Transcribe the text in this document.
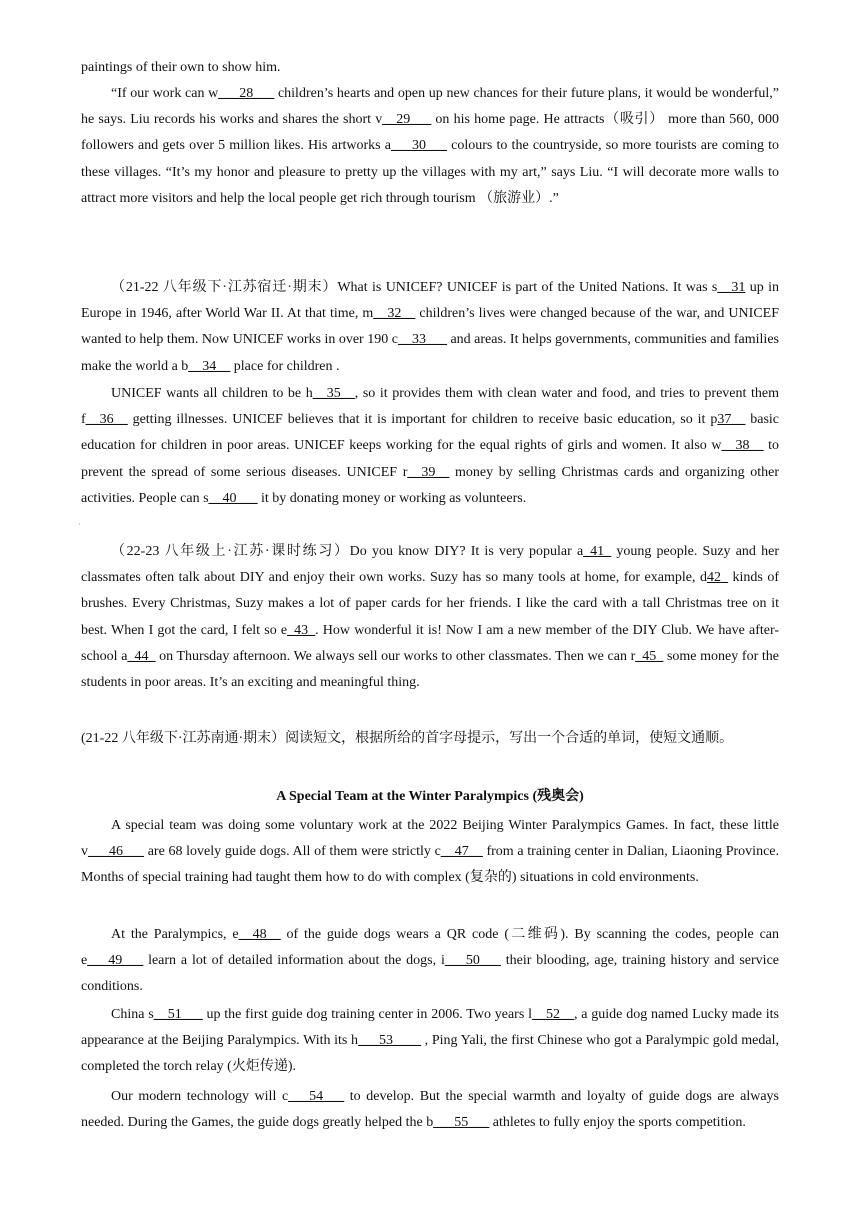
paintings of their own to show him.
“If our work can w___28___ children’s hearts and open up new chances for their future plans, it would be wonderful,” he says. Liu records his works and shares the short v__29___ on his home page. He attracts（吸引） more than 560, 000 followers and gets over 5 million likes. His artworks a___30___ colours to the countryside, so more tourists are coming to these villages. “It’s my honor and pleasure to pretty up the villages with my art,” says Liu. “I will decorate more walls to attract more visitors and help the local people get rich through tourism （旅游业）.”
（21-22 八年级下·江苏宿迁·期末）What is UNICEF? UNICEF is part of the United Nations. It was s__31 up in Europe in 1946, after World War II. At that time, m__32__ children’s lives were changed because of the war, and UNICEF wanted to help them. Now UNICEF works in over 190 c__33___ and areas. It helps governments, communities and families make the world a b__34__ place for children .
UNICEF wants all children to be h__35__, so it provides them with clean water and food, and tries to prevent them f__36__ getting illnesses. UNICEF believes that it is important for children to receive basic education, so it p37__ basic education for children in poor areas. UNICEF keeps working for the equal rights of girls and women. It also w__38__ to prevent the spread of some serious diseases. UNICEF r__39__ money by selling Christmas cards and organizing other activities. People can s__40___ it by donating money or working as volunteers.
·
（22-23 八年级上·江苏·课时练习）Do you know DIY? It is very popular a_41_ young people. Suzy and her classmates often talk about DIY and enjoy their own works. Suzy has so many tools at home, for example, d42_ kinds of brushes. Every Christmas, Suzy makes a lot of paper cards for her friends. I like the card with a tall Christmas tree on it best. When I got the card, I felt so e_43_. How wonderful it is! Now I am a new member of the DIY Club. We have after-school a_44_ on Thursday afternoon. We always sell our works to other classmates. Then we can r_45_ some money for the students in poor areas. It’s an exciting and meaningful thing.
(21-22 八年级下·江苏南通·期末）阅读短文，根据所给的首字母提示，写出一个合适的单词，使短文通顺。
A Special Team at the Winter Paralympics (残奥会)
A special team was doing some voluntary work at the 2022 Beijing Winter Paralympics Games. In fact, these little v___46___ are 68 lovely guide dogs. All of them were strictly c__47__ from a training center in Dalian, Liaoning Province. Months of special training had taught them how to do with complex (复杂的) situations in cold environments.
At the Paralympics, e__48__ of the guide dogs wears a QR code (二维码). By scanning the codes, people can e___49___ learn a lot of detailed information about the dogs, i___50___ their blooding, age, training history and service conditions.
China s__51___ up the first guide dog training center in 2006. Two years l__52__, a guide dog named Lucky made its appearance at the Beijing Paralympics. With its h___53____ , Ping Yali, the first Chinese who got a Paralympic gold medal, completed the torch relay (火炬传递).
Our modern technology will c___54___ to develop. But the special warmth and loyalty of guide dogs are always needed. During the Games, the guide dogs greatly helped the b___55___ athletes to fully enjoy the sports competition.
